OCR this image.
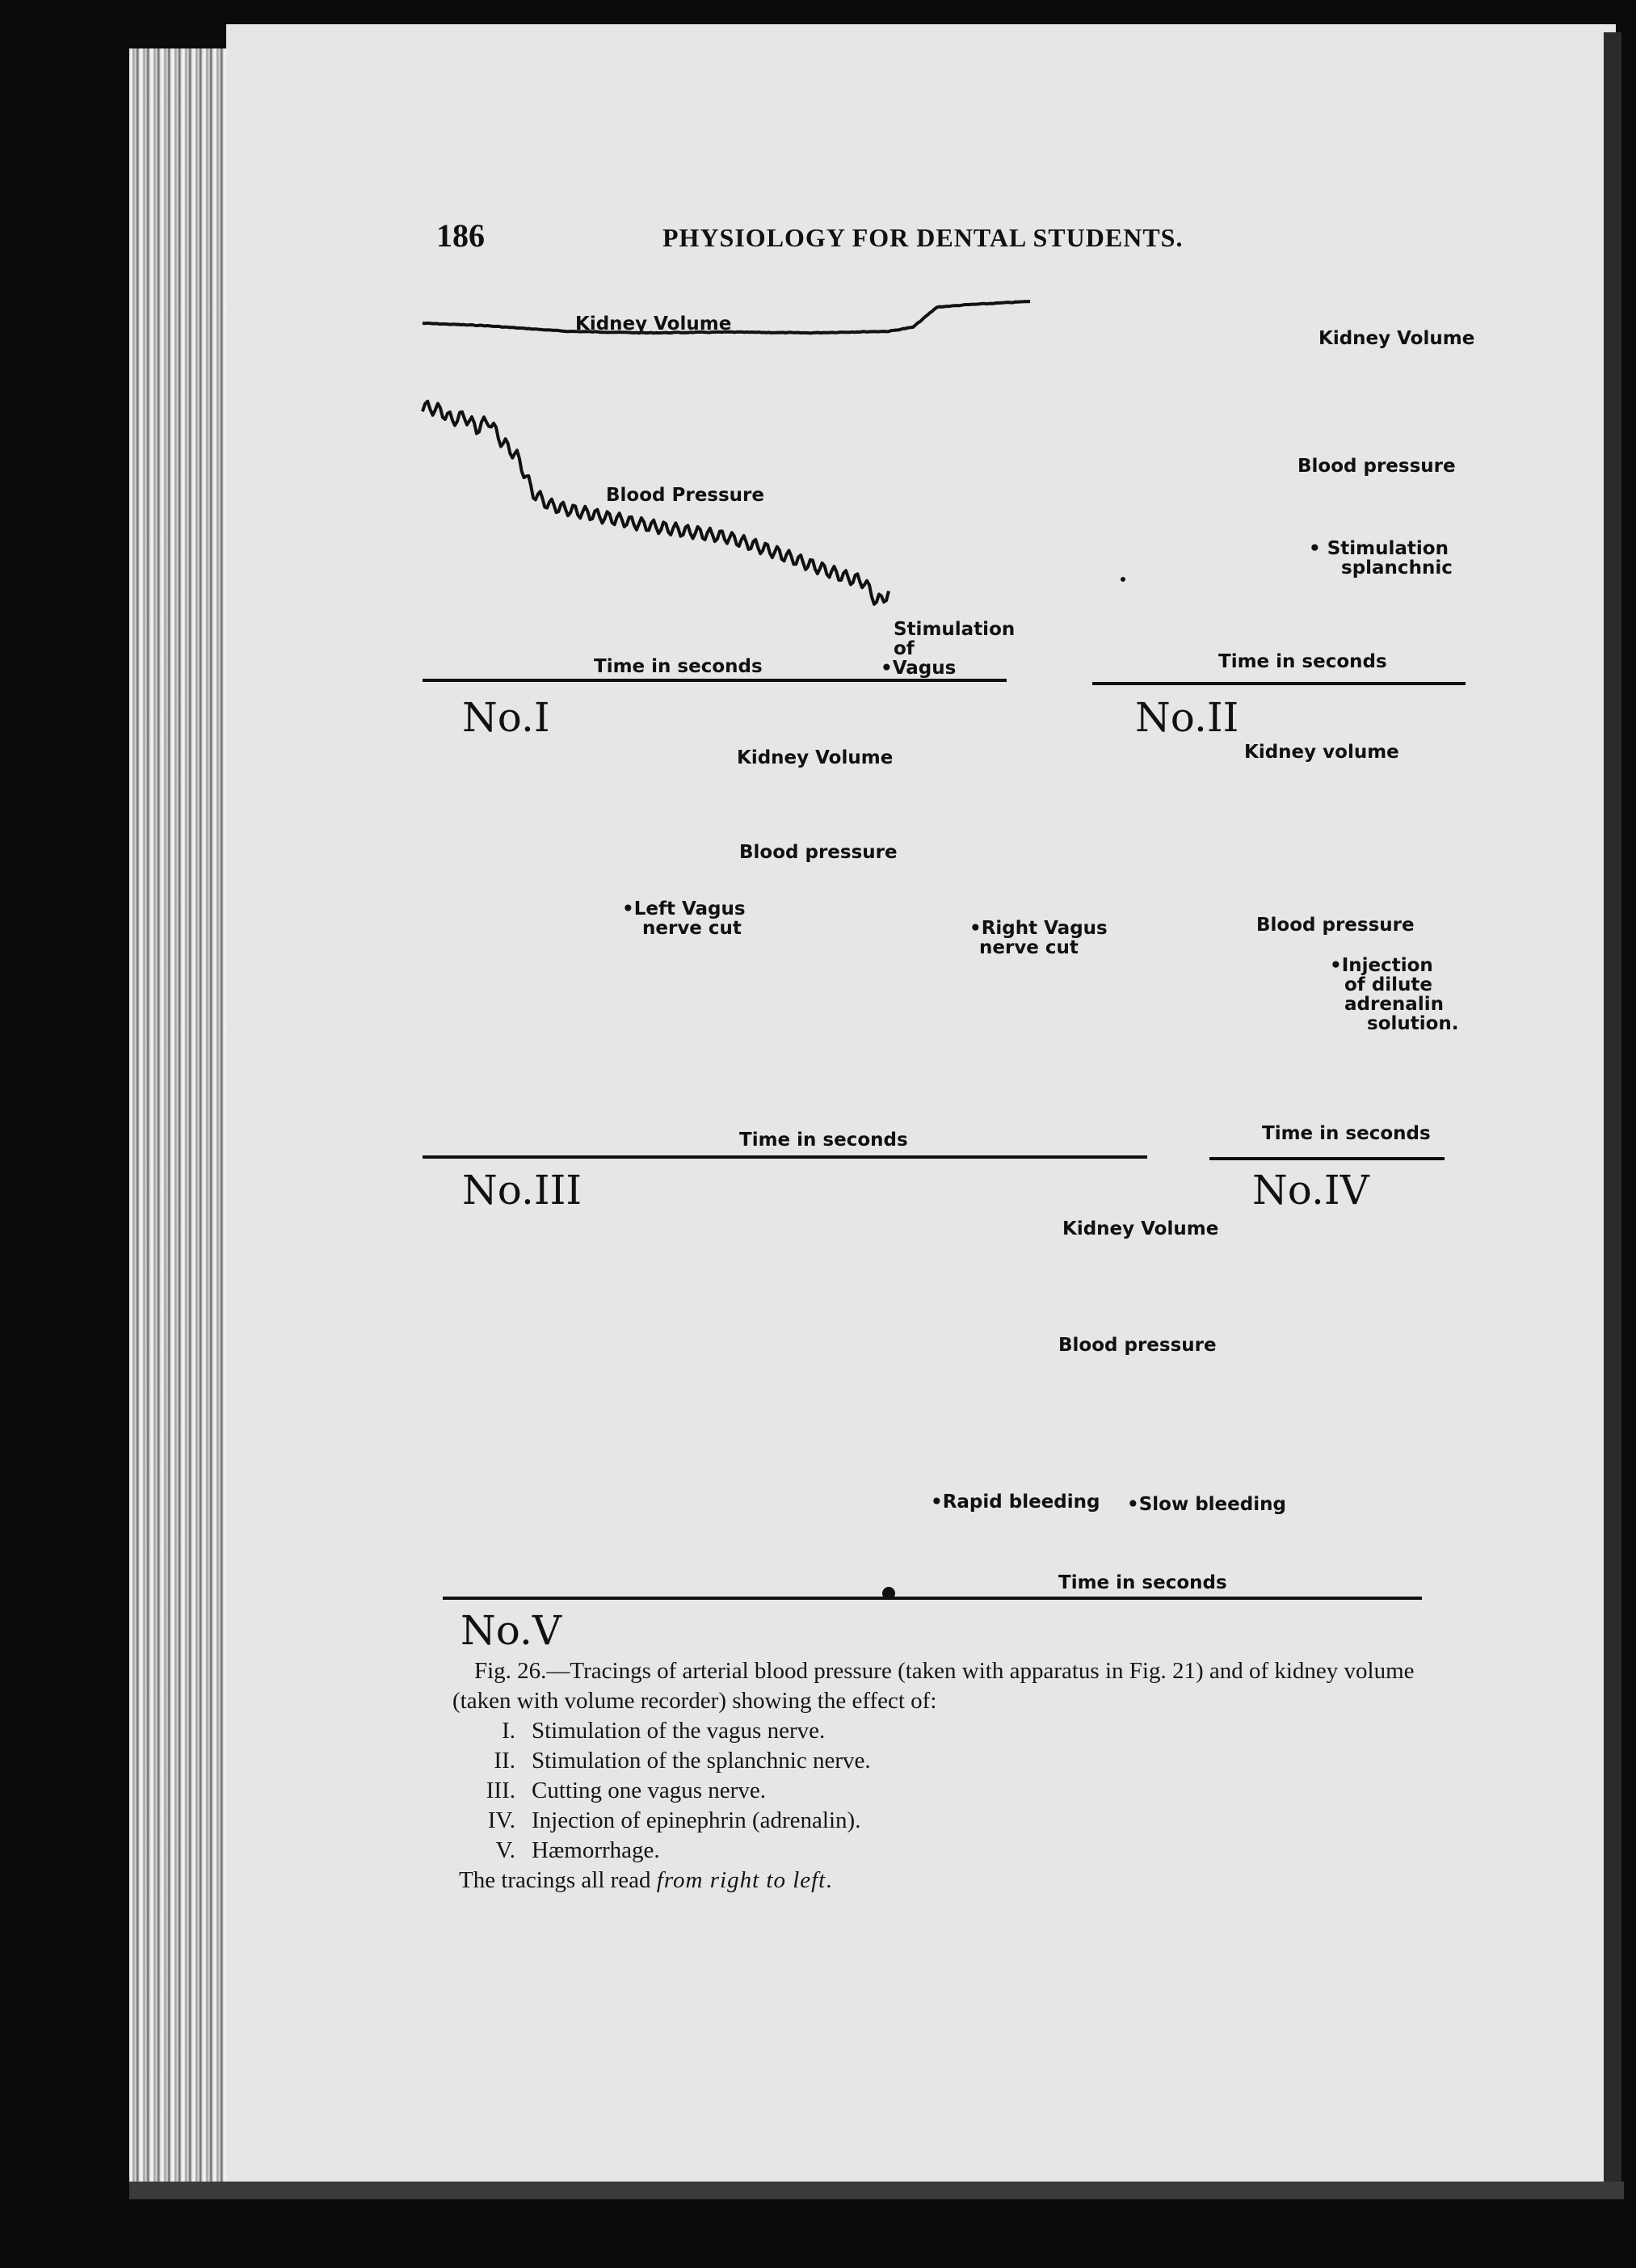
186	PHYSIOLOGY FOR DENTAL STUDENTS.
Kidney Volume
Blood Pressure
Stimulation
of
•Vagus
Time in seconds
No.I
Kidney Volume
Blood pressure
• Stimulation
splanchnic
Time in seconds
No.II
Kidney Volume
Blood pressure
•Left Vagus
nerve cut	•Right Vagus
nerve cut
Time in seconds
No.III
Kidney volume
Blood pressure
•Injection
of dilute
adrenalin
solution.
Time in seconds
No.IV
Kidney Volume
Blood pressure
•Rapid bleeding •Slow bleeding
Time in seconds
No.V
Fig. 26.—Tracings of arterial blood pressure (taken with apparatus in Fig. 21) and of kidney volume (taken with volume recorder) showing the effect of:
I. Stimulation of the vagus nerve.
II. Stimulation of the splanchnic nerve.
III. Cutting one vagus nerve.
IV. Injection of epinephrin (adrenalin).
V. Hæmorrhage.
The tracings all read from right to left.
